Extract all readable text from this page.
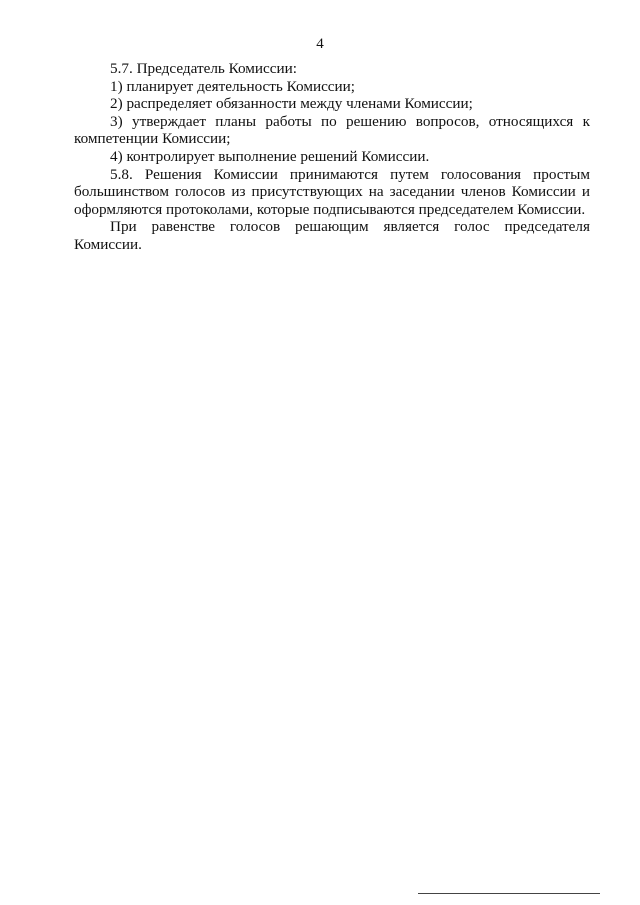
4

5.7. Председатель Комиссии:

1) планирует деятельность Комиссии;

2) распределяет обязанности между членами Комиссии;

3) утверждает планы работы по решению вопросов, относящихся к компетенции Комиссии;

4) контролирует выполнение решений Комиссии.

5.8. Решения Комиссии принимаются путем голосования простым большинством голосов из присутствующих на заседании членов Комиссии и оформляются протоколами, которые подписываются председателем Комиссии.

При равенстве голосов решающим является голос председателя Комиссии.
